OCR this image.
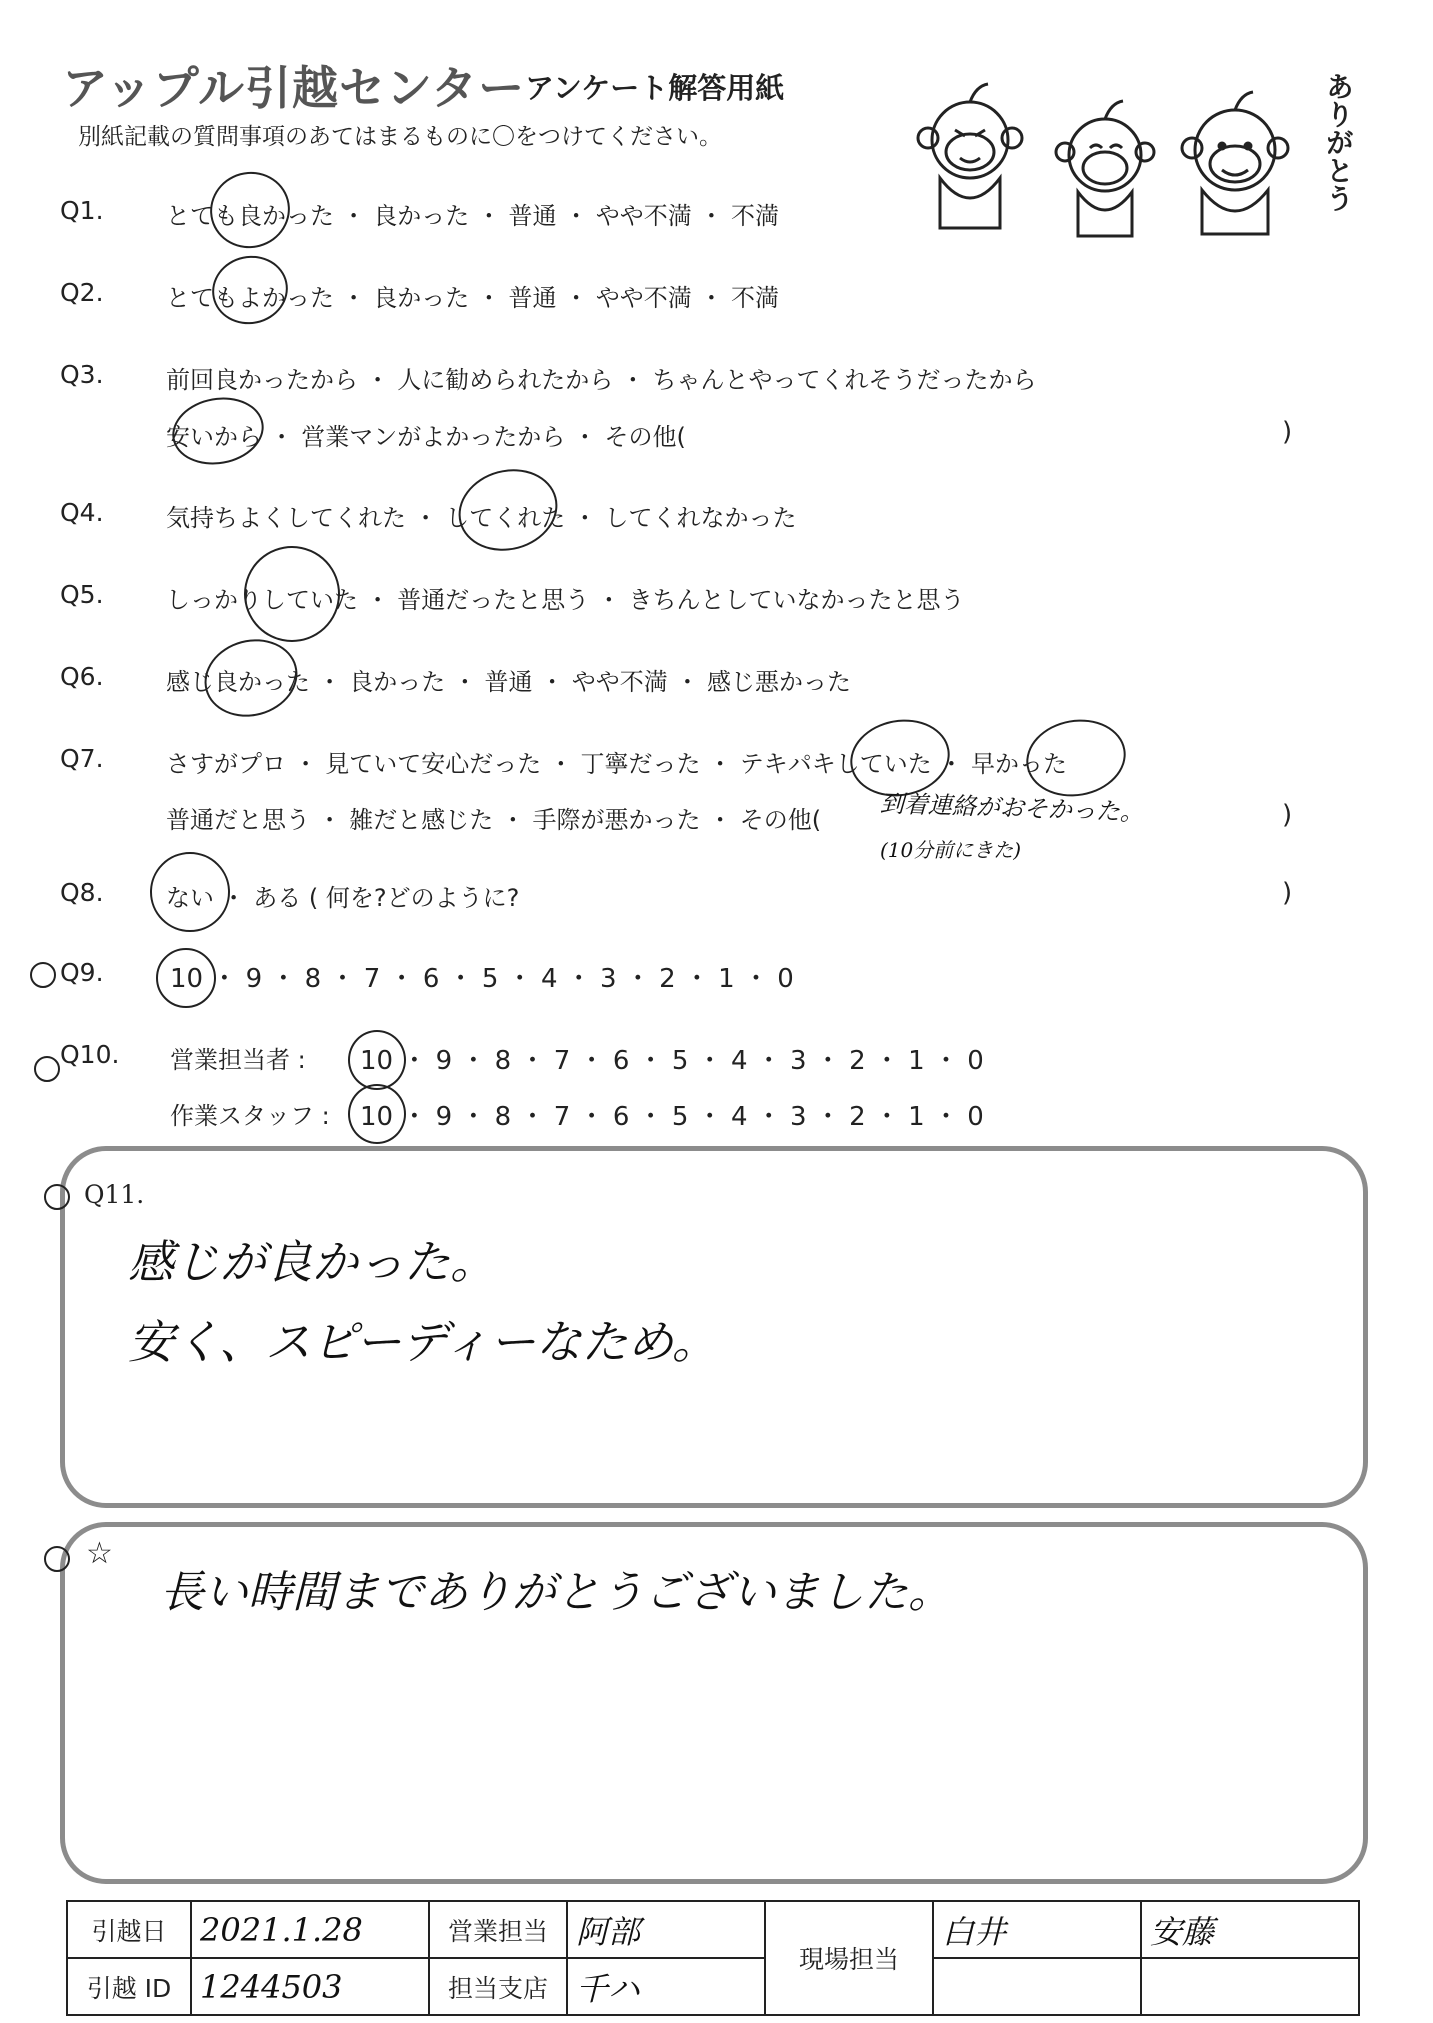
アップル引越センター アンケート解答用紙
別紙記載の質問事項のあてはまるものに〇をつけてください。	ありがとう
Q1.	とても良かった ・ 良かった ・ 普通 ・ やや不満 ・ 不満
Q2.	とてもよかった ・ 良かった ・ 普通 ・ やや不満 ・ 不満
Q3.	前回良かったから ・ 人に勧められたから ・ ちゃんとやってくれそうだったから
安いから ・ 営業マンがよかったから ・ その他(	)
Q4.	気持ちよくしてくれた ・ してくれた ・ してくれなかった
Q5.	しっかりしていた ・ 普通だったと思う ・ きちんとしていなかったと思う
Q6.	感じ良かった ・ 良かった ・ 普通 ・ やや不満 ・ 感じ悪かった
Q7.	さすがプロ ・ 見ていて安心だった ・ 丁寧だった ・ テキパキしていた ・ 早かった
普通だと思う ・ 雑だと感じた ・ 手際が悪かった ・ その他(	)
到着連絡がおそかった。
(10分前にきた)
Q8.	ない ・ ある ( 何を?どのように?	)
Q9.	10 ・ 9 ・ 8 ・ 7 ・ 6 ・ 5 ・ 4 ・ 3 ・ 2 ・ 1 ・ 0
Q10. 営業担当者 : 10 ・ 9 ・ 8 ・ 7 ・ 6 ・ 5 ・ 4 ・ 3 ・ 2 ・ 1 ・ 0
作業スタッフ : 10 ・ 9 ・ 8 ・ 7 ・ 6 ・ 5 ・ 4 ・ 3 ・ 2 ・ 1 ・ 0
Q11.
感じが良かった。
安く、スピーディーなため。
☆
長い時間までありがとうございました。
引越日	2021.1.28	営業担当	阿部	現場担当	白井	安藤
引越 ID	1244503	担当支店	千ハ			
